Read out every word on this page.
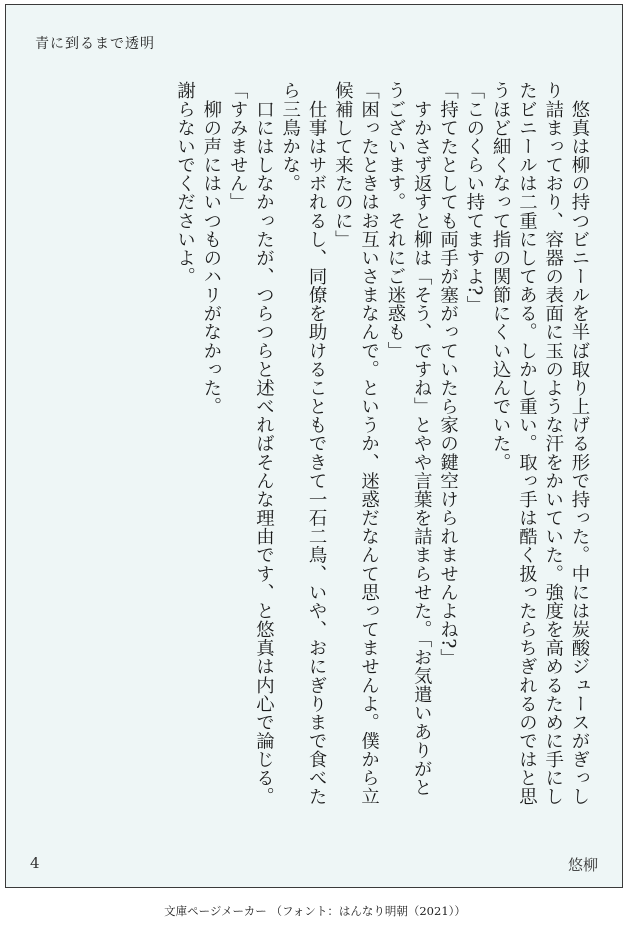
青に到るまで透明
　悠真は柳の持つビニールを半ば取り上げる形で持った。中には炭酸ジュースがぎっし
り詰まっており、容器の表面に玉のような汗をかいていた。強度を高めるために手にし
たビニールは二重にしてある。しかし重い。取っ手は酷く扱ったらちぎれるのではと思
うほど細くなって指の関節にくい込んでいた。
「このくらい持てますよ?」
「持てたとしても両手が塞がっていたら家の鍵空けられませんよね?」
　すかさず返すと柳は「そう、ですね」とやや言葉を詰まらせた。「お気遣いありがと
うございます。それにご迷惑も」
「困ったときはお互いさまなんで。というか、迷惑だなんて思ってませんよ。僕から立
候補して来たのに」
　仕事はサボれるし、同僚を助けることもできて一石二鳥、いや、おにぎりまで食べた
ら三鳥かな。
　口にはしなかったが、つらつらと述べればそんな理由です、と悠真は内心で論じる。
「すみません」
　柳の声にはいつものハリがなかった。
謝らないでくださいよ。
4	悠柳
文庫ページメーカー （フォント：はんなり明朝（2021））
